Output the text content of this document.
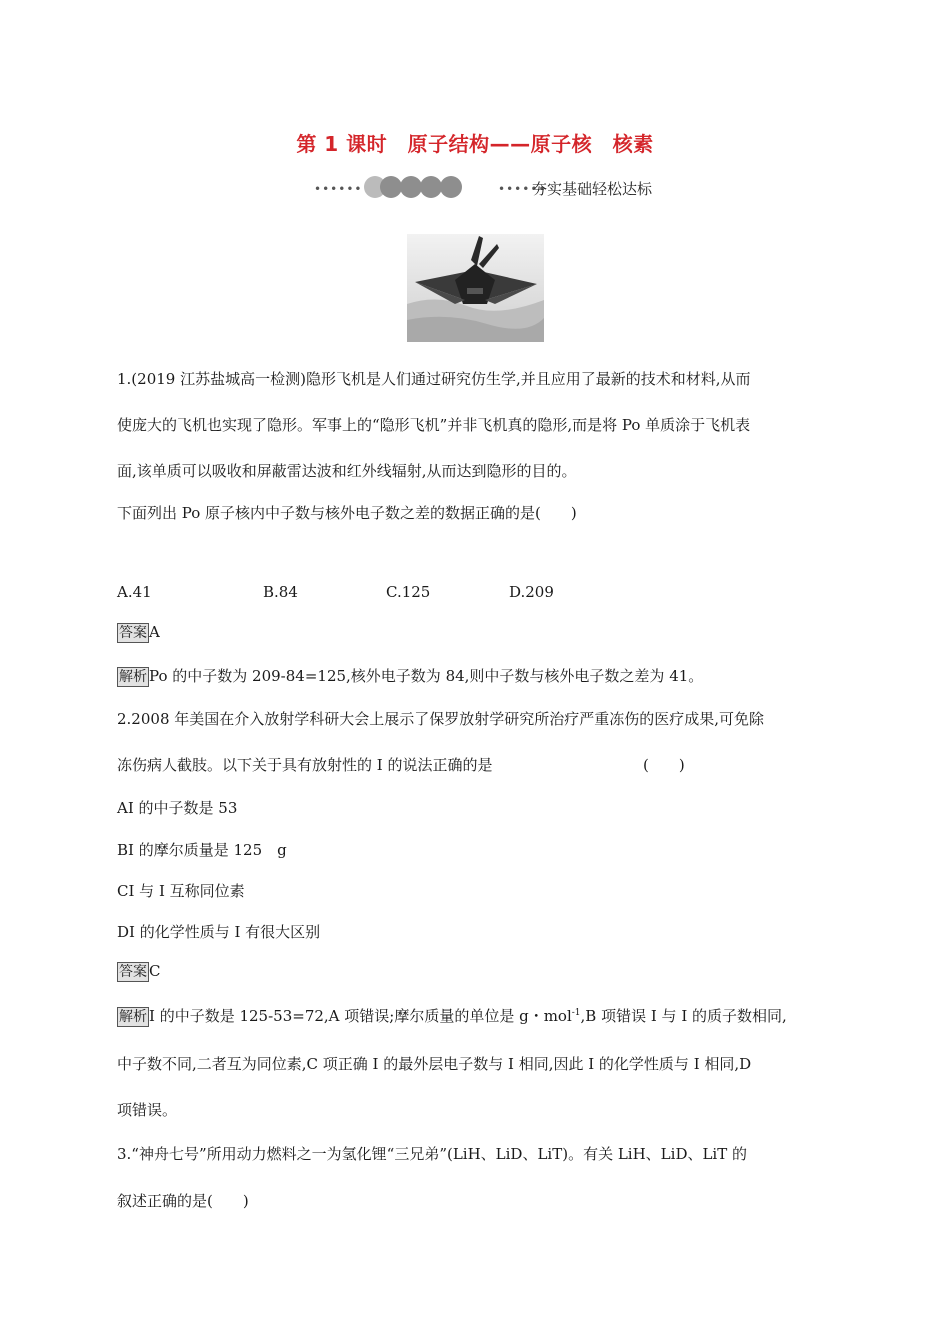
第 1 课时　原子结构——原子核　核素
••••••	••••••
夯实基础轻松达标
1.(2019 江苏盐城高一检测)隐形飞机是人们通过研究仿生学,并且应用了最新的技术和材料,从而
使庞大的飞机也实现了隐形。军事上的“隐形飞机”并非飞机真的隐形,而是将 Po 单质涂于飞机表
面,该单质可以吸收和屏蔽雷达波和红外线辐射,从而达到隐形的目的。
下面列出 Po 原子核内中子数与核外电子数之差的数据正确的是(　　)
A.41	B.84	C.125	D.209
答案 A
解析 Po 的中子数为 209-84=125,核外电子数为 84,则中子数与核外电子数之差为 41。
2.2008 年美国在介入放射学科研大会上展示了保罗放射学研究所治疗严重冻伤的医疗成果,可免除
冻伤病人截肢。以下关于具有放射性的 I 的说法正确的是	(　　)
AI 的中子数是 53
BI 的摩尔质量是 125　g
CI 与 I 互称同位素
DI 的化学性质与 I 有很大区别
答案 C
解析 I 的中子数是 125-53=72,A 项错误;摩尔质量的单位是 g・mol$^{-1}$,B 项错误 I 与 I 的质子数相同,
中子数不同,二者互为同位素,C 项正确 I 的最外层电子数与 I 相同,因此 I 的化学性质与 I 相同,D
项错误。
3.“神舟七号”所用动力燃料之一为氢化锂“三兄弟”(LiH、LiD、LiT)。有关 LiH、LiD、LiT 的
叙述正确的是(　　)
